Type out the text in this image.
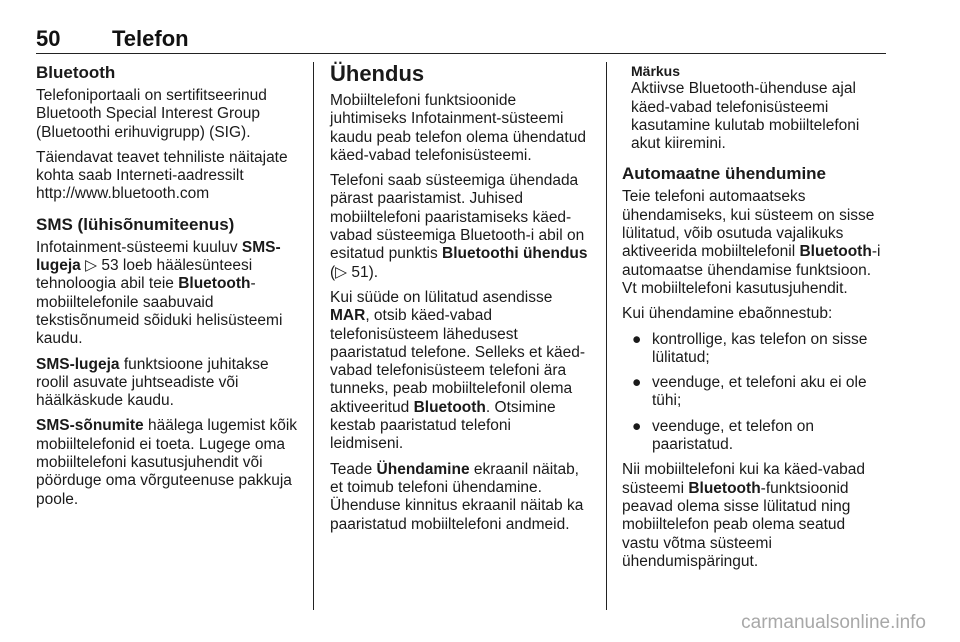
50 Telefon
Bluetooth

Telefoniportaali on sertifitseerinud
Bluetooth Special Interest Group
(Bluetoothi erihuvigrupp) (SIG).

Täiendavat teavet tehniliste näitajate
kohta saab Interneti-aadressilt
http://www.bluetooth.com

SMS (lühisõnumiteenus)

Infotainment-süsteemi kuuluv SMS-
lugeja ▷ 53 loeb häälesünteesi
tehnoloogia abil teie Bluetooth-
mobiiltelefonile saabuvaid
tekstisõnumeid sõiduki helisüsteemi
kaudu.

SMS-lugeja funktsioone juhitakse
roolil asuvate juhtseadiste või
häälkäskude kaudu.

SMS-sõnumite häälega lugemist kõik
mobiiltelefonid ei toeta. Lugege oma
mobiiltelefoni kasutusjuhendit või
pöörduge oma võrguteenuse pakkuja
poole.

Ühendus

Mobiiltelefoni funktsioonide
juhtimiseks Infotainment-süsteemi
kaudu peab telefon olema ühendatud
käed-vabad telefonisüsteemi.

Telefoni saab süsteemiga ühendada
pärast paaristamist. Juhised
mobiiltelefoni paaristamiseks käed-
vabad süsteemiga Bluetooth-i abil on
esitatud punktis Bluetoothi ühendus
(▷ 51).

Kui süüde on lülitatud asendisse
MAR, otsib käed-vabad
telefonisüsteem lähedusest
paaristatud telefone. Selleks et käed-
vabad telefonisüsteem telefoni ära
tunneks, peab mobiiltelefonil olema
aktiveeritud Bluetooth. Otsimine
kestab paaristatud telefoni
leidmiseni.

Teade Ühendamine ekraanil näitab,
et toimub telefoni ühendamine.
Ühenduse kinnitus ekraanil näitab ka
paaristatud mobiiltelefoni andmeid.

Märkus
Aktiivse Bluetooth-ühenduse ajal
käed-vabad telefonisüsteemi
kasutamine kulutab mobiiltelefoni
akut kiiremini.
Automaatne ühendumine

Teie telefoni automaatseks
ühendamiseks, kui süsteem on sisse
lülitatud, võib osutuda vajalikuks
aktiveerida mobiiltelefonil Bluetooth-i
automaatse ühendamise funktsioon.
Vt mobiiltelefoni kasutusjuhendit.

Kui ühendamine ebaõnnestub:

● kontrollige, kas telefon on sisse
lülitatud;
● veenduge, et telefoni aku ei ole
tühi;
● veenduge, et telefon on
paaristatud.

Nii mobiiltelefoni kui ka käed-vabad
süsteemi Bluetooth-funktsioonid
peavad olema sisse lülitatud ning
mobiiltelefon peab olema seatud
vastu võtma süsteemi
ühendumispäringut.

carmanualsonline.info
